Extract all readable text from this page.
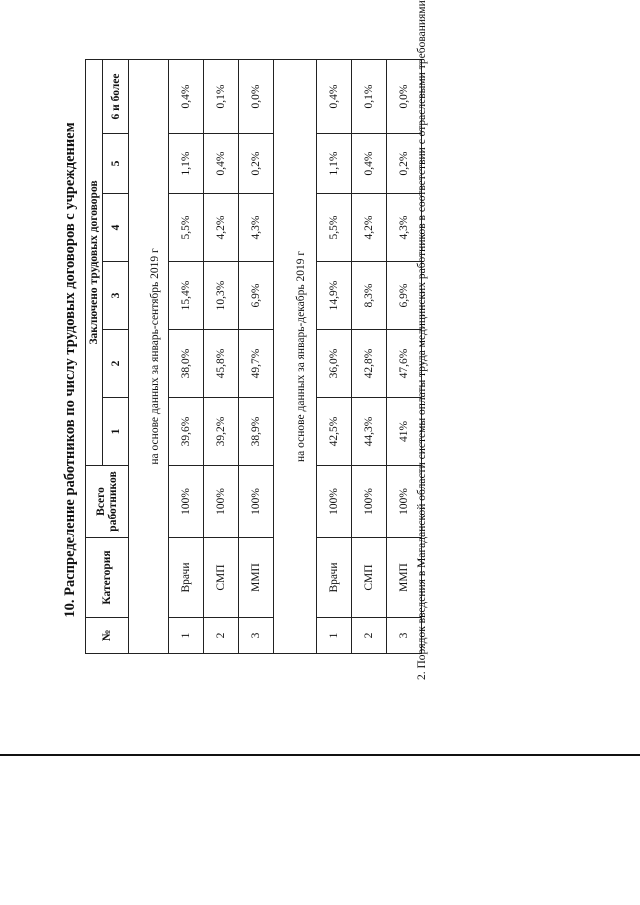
10. Распределение работников по числу трудовых договоров с учреждением
№	Категория	Всего работников	Заключено трудовых договоров					
			1	2	3	4	5	6 и более
на основе данных за январь-сентябрь 2019 г								
1	Врачи	100%	39,6%	38,0%	15,4%	5,5%	1,1%	0,4%
2	СМП	100%	39,2%	45,8%	10,3%	4,2%	0,4%	0,1%
3	ММП	100%	38,9%	49,7%	6,9%	4,3%	0,2%	0,0%
на основе данных за январь-декабрь 2019 г								
1	Врачи	100%	42,5%	36,0%	14,9%	5,5%	1,1%	0,4%
2	СМП	100%	44,3%	42,8%	8,3%	4,2%	0,4%	0,1%
3	ММП	100%	41%	47,6%	6,9%	4,3%	0,2%	0,0% 2. Порядок введения в Магаданской области системы оплаты труда медицинских работников в соответствии с отраслевыми требованиями
